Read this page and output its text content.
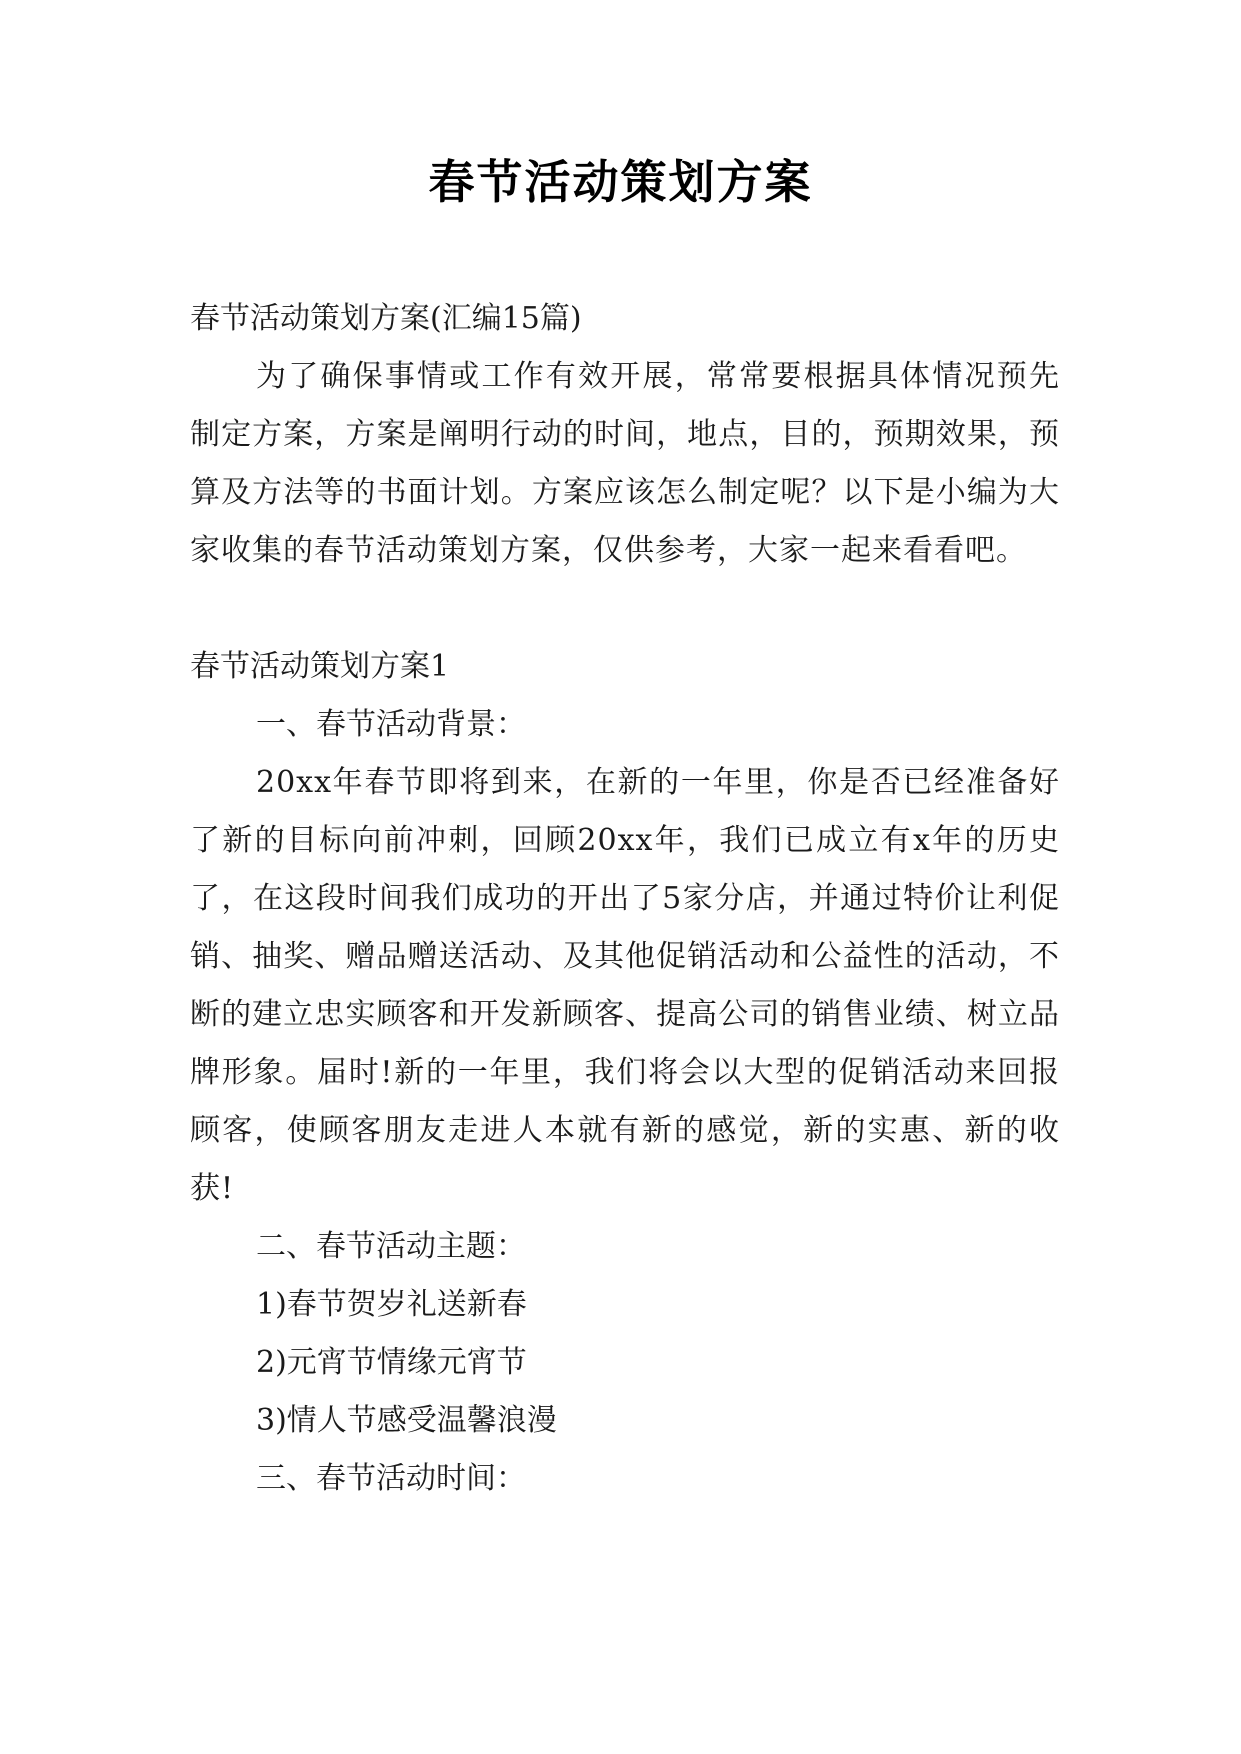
春节活动策划方案
春节活动策划方案(汇编15篇)

为了确保事情或工作有效开展，常常要根据具体情况预先制定方案，方案是阐明行动的时间，地点，目的，预期效果，预算及方法等的书面计划。方案应该怎么制定呢？以下是小编为大家收集的春节活动策划方案，仅供参考，大家一起来看看吧。

春节活动策划方案1
一、春节活动背景：

20xx年春节即将到来，在新的一年里，你是否已经准备好了新的目标向前冲刺，回顾20xx年，我们已成立有x年的历史了，在这段时间我们成功的开出了5家分店，并通过特价让利促销、抽奖、赠品赠送活动、及其他促销活动和公益性的活动，不断的建立忠实顾客和开发新顾客、提高公司的销售业绩、树立品牌形象。届时!新的一年里，我们将会以大型的促销活动来回报顾客，使顾客朋友走进人本就有新的感觉，新的实惠、新的收获!

二、春节活动主题：
1)春节贺岁礼送新春
2)元宵节情缘元宵节
3)情人节感受温馨浪漫
三、春节活动时间：
